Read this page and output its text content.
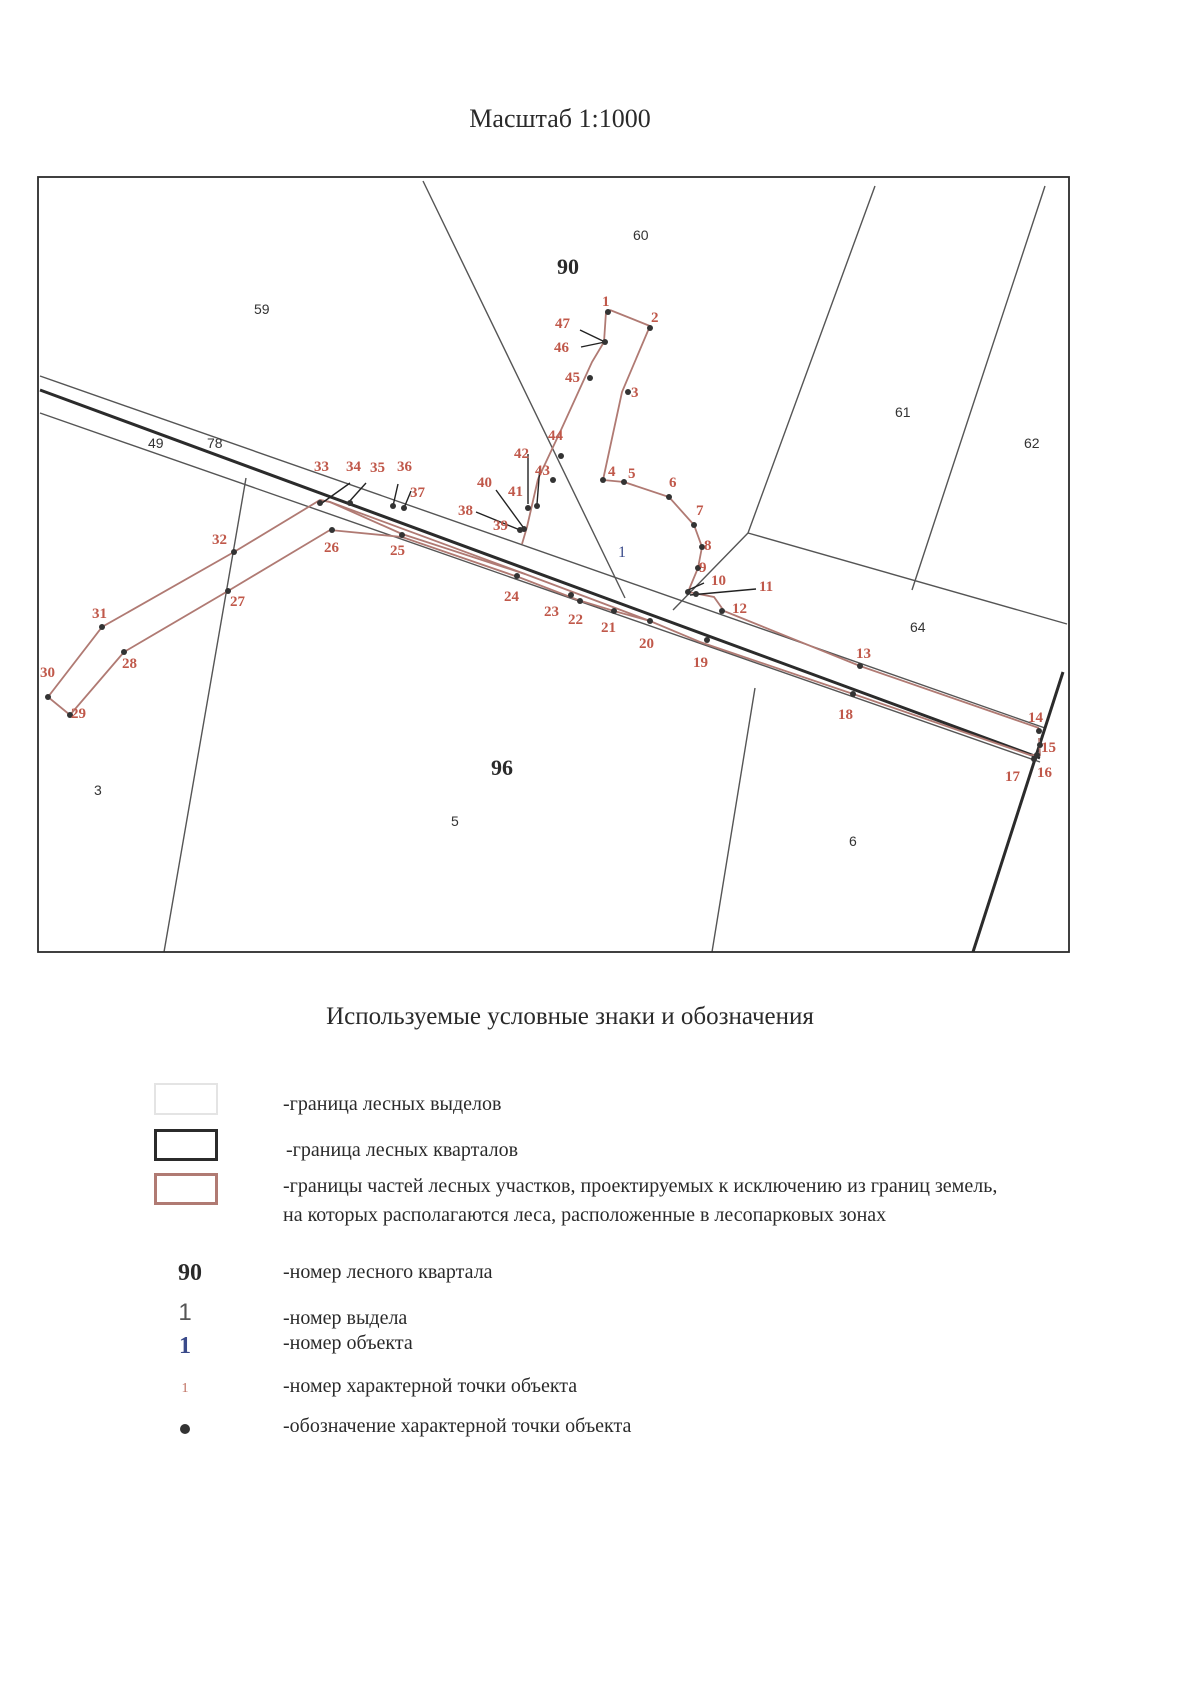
Масштаб 1:1000
90
96
59
60
61
62
64
49	78
3
5
6
1
1
2
3
4 5
6
7
8
9
10 11
12
13
14
15
16
17
18
19
20
21
22
23
24
25
26
27
28
29
30
31
32
33 34 35 36
37
38
39
40
41
42
43
44
45
46
47
Используемые условные знаки и обозначения
-граница лесных выделов
-граница лесных кварталов
-границы частей лесных участков, проектируемых к исключению из границ земель, на которых располагаются леса, расположенные в лесопарковых зонах
90	-номер лесного квартала
1	-номер выдела
1	-номер объекта
1	-номер характерной точки объекта
-обозначение характерной точки объекта
